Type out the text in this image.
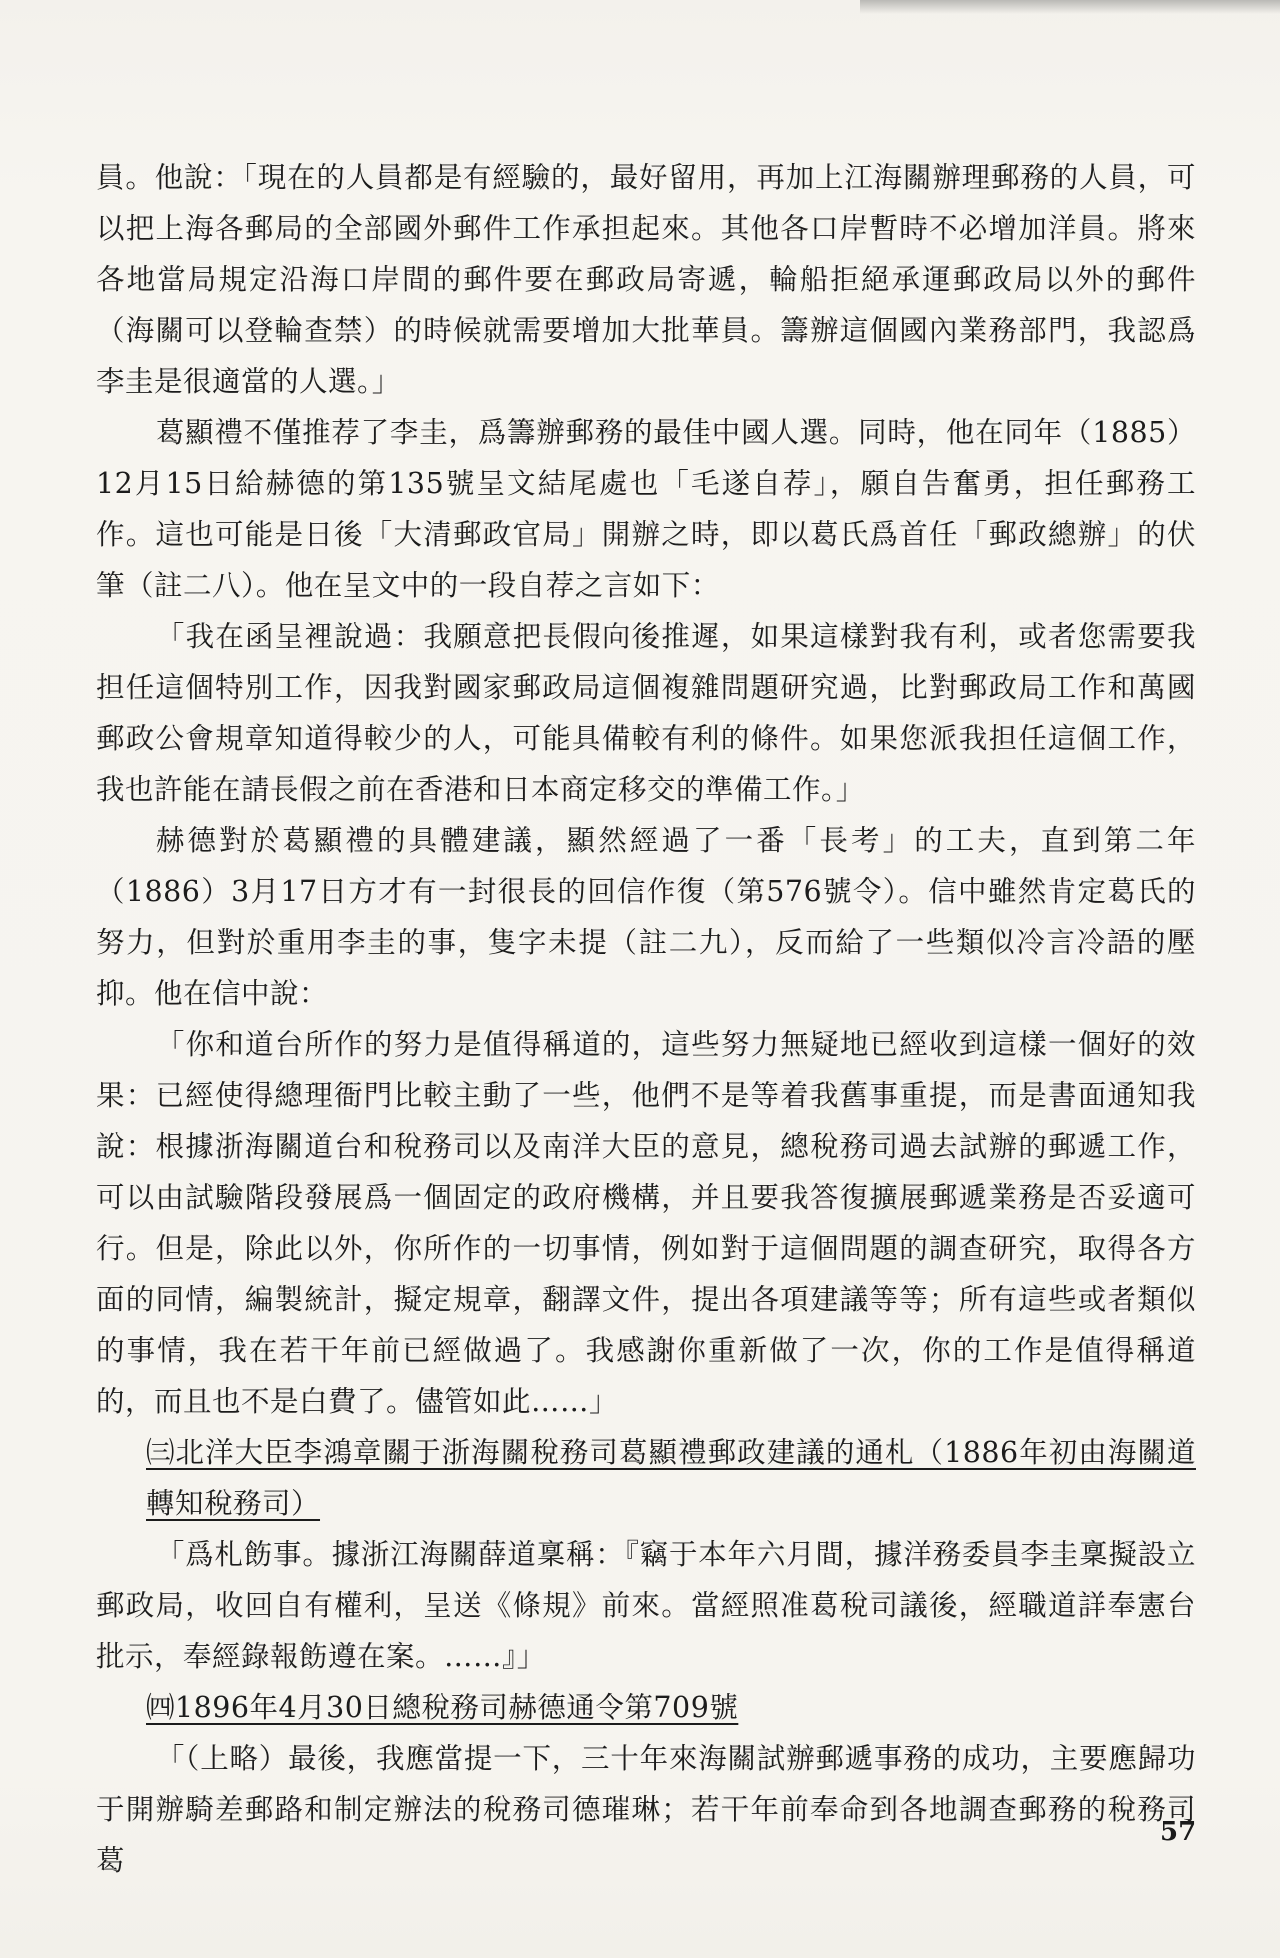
員。他說：「現在的人員都是有經驗的，最好留用，再加上江海關辦理郵務的人員，可以把上海各郵局的全部國外郵件工作承担起來。其他各口岸暫時不必增加洋員。將來各地當局規定沿海口岸間的郵件要在郵政局寄遞，輪船拒絕承運郵政局以外的郵件（海關可以登輪查禁）的時候就需要增加大批華員。籌辦這個國內業務部門，我認爲李圭是很適當的人選。」

葛顯禮不僅推荐了李圭，爲籌辦郵務的最佳中國人選。同時，他在同年（1885）12月15日給赫德的第135號呈文結尾處也「毛遂自荐」，願自告奮勇，担任郵務工作。這也可能是日後「大清郵政官局」開辦之時，即以葛氏爲首任「郵政總辦」的伏筆（註二八）。他在呈文中的一段自荐之言如下：

「我在函呈裡說過：我願意把長假向後推遲，如果這樣對我有利，或者您需要我担任這個特別工作，因我對國家郵政局這個複雜問題研究過，比對郵政局工作和萬國郵政公會規章知道得較少的人，可能具備較有利的條件。如果您派我担任這個工作，我也許能在請長假之前在香港和日本商定移交的準備工作。」

赫德對於葛顯禮的具體建議，顯然經過了一番「長考」的工夫，直到第二年（1886）3月17日方才有一封很長的回信作復（第576號令）。信中雖然肯定葛氏的努力，但對於重用李圭的事，隻字未提（註二九），反而給了一些類似冷言冷語的壓抑。他在信中說：

「你和道台所作的努力是值得稱道的，這些努力無疑地已經收到這樣一個好的效果：已經使得總理衙門比較主動了一些，他們不是等着我舊事重提，而是書面通知我說：根據浙海關道台和稅務司以及南洋大臣的意見，總稅務司過去試辦的郵遞工作，可以由試驗階段發展爲一個固定的政府機構，并且要我答復擴展郵遞業務是否妥適可行。但是，除此以外，你所作的一切事情，例如對于這個問題的調查研究，取得各方面的同情，編製統計，擬定規章，翻譯文件，提出各項建議等等；所有這些或者類似的事情，我在若干年前已經做過了。我感謝你重新做了一次，你的工作是值得稱道的，而且也不是白費了。儘管如此……」

㈢北洋大臣李鴻章關于浙海關稅務司葛顯禮郵政建議的通札（1886年初由海關道轉知稅務司）

「爲札飭事。據浙江海關薛道稟稱：『竊于本年六月間，據洋務委員李圭稟擬設立郵政局，收回自有權利，呈送《條規》前來。當經照准葛稅司議後，經職道詳奉憲台批示，奉經錄報飭遵在案。……』」

㈣1896年4月30日總稅務司赫德通令第709號

「（上略）最後，我應當提一下，三十年來海關試辦郵遞事務的成功，主要應歸功于開辦騎差郵路和制定辦法的稅務司德璀琳；若干年前奉命到各地調查郵務的稅務司葛

57
